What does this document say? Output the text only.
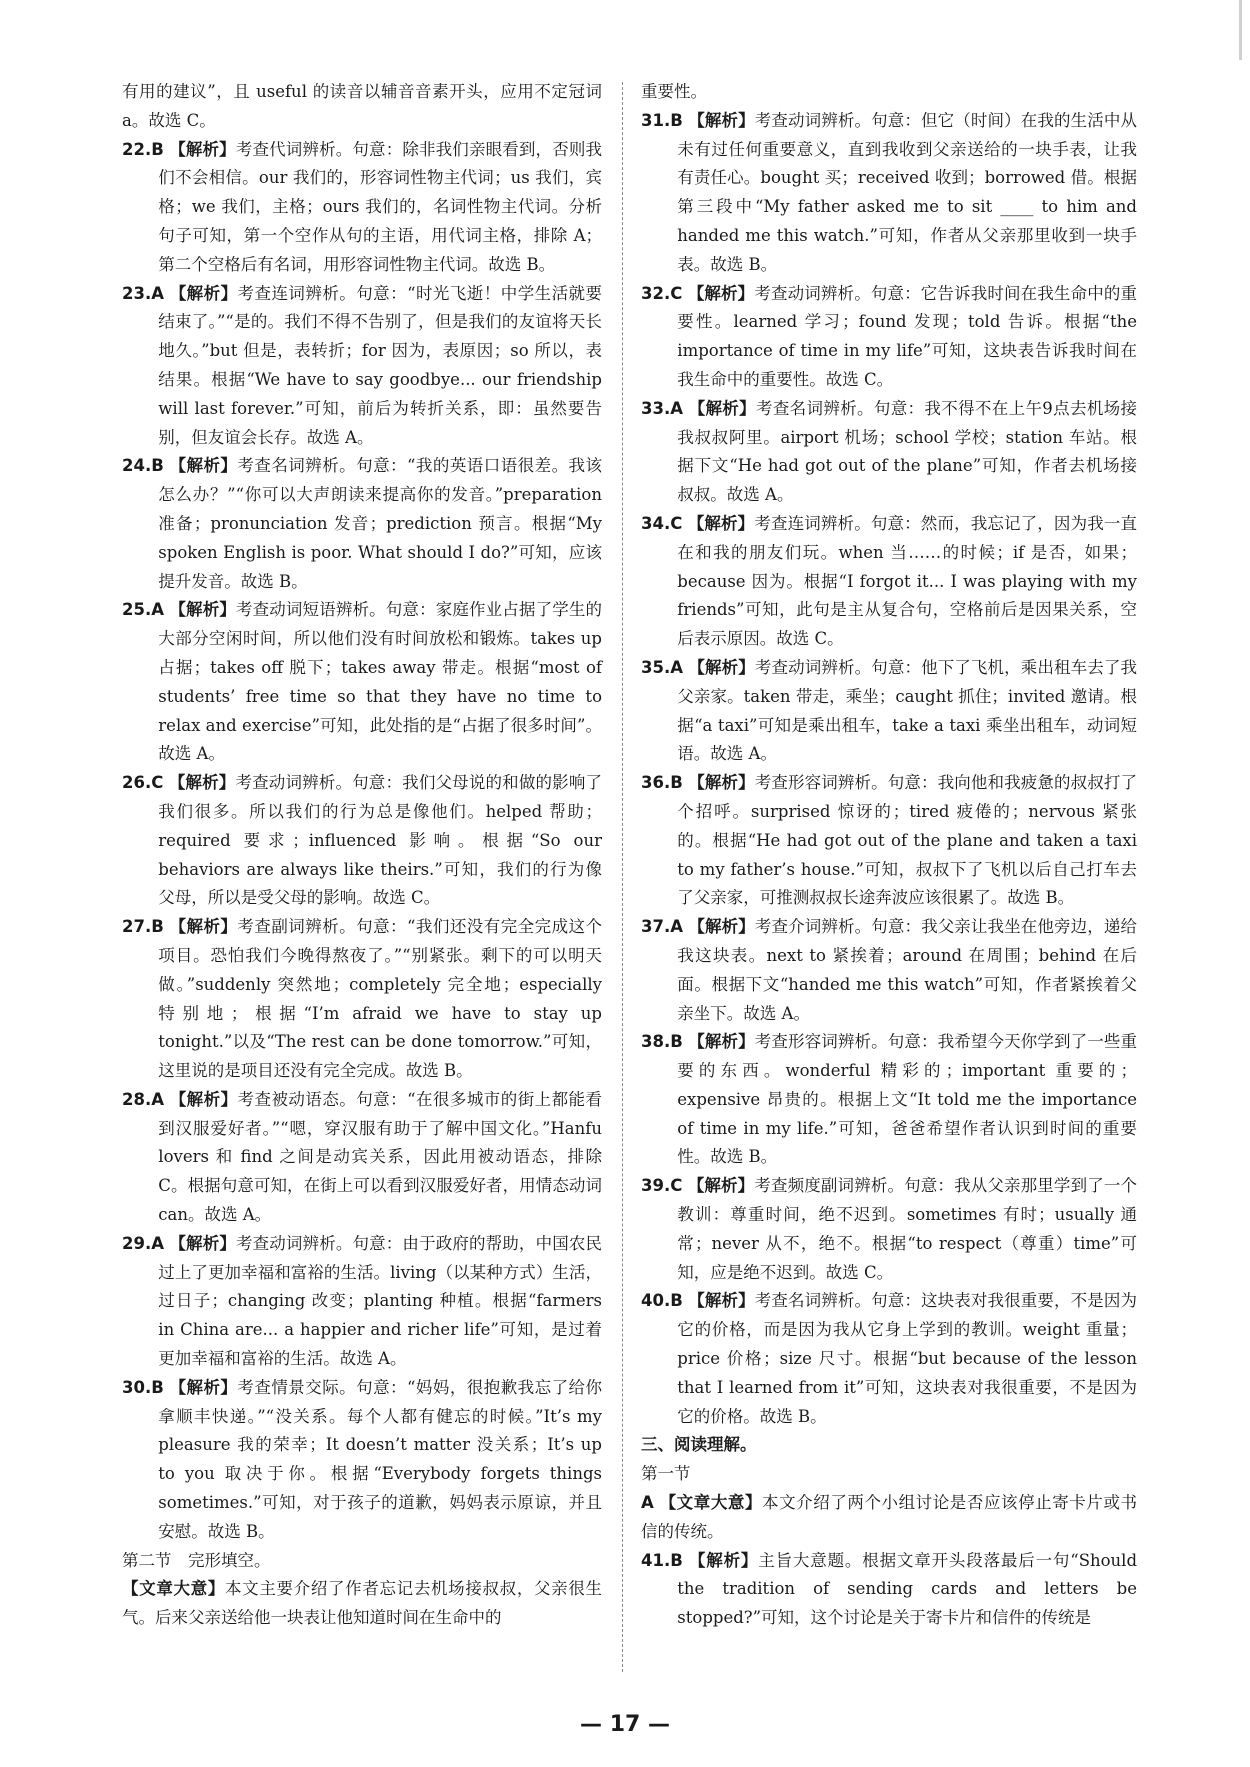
有用的建议”，且 useful 的读音以辅音音素开头，应用不定冠词 a。故选 C。

22.B 【解析】考查代词辨析。句意：除非我们亲眼看到，否则我们不会相信。our 我们的，形容词性物主代词；us 我们，宾格；we 我们，主格；ours 我们的，名词性物主代词。分析句子可知，第一个空作从句的主语，用代词主格，排除 A；第二个空格后有名词，用形容词性物主代词。故选 B。

23.A 【解析】考查连词辨析。句意：“时光飞逝！中学生活就要结束了。”“是的。我们不得不告别了，但是我们的友谊将天长地久。”but 但是，表转折；for 因为，表原因；so 所以，表结果。根据“We have to say goodbye... our friendship will last forever.”可知，前后为转折关系，即：虽然要告别，但友谊会长存。故选 A。

24.B 【解析】考查名词辨析。句意：“我的英语口语很差。我该怎么办？”“你可以大声朗读来提高你的发音。”preparation 准备；pronunciation 发音；prediction 预言。根据“My spoken English is poor. What should I do?”可知，应该提升发音。故选 B。

25.A 【解析】考查动词短语辨析。句意：家庭作业占据了学生的大部分空闲时间，所以他们没有时间放松和锻炼。takes up 占据；takes off 脱下；takes away 带走。根据“most of students’ free time so that they have no time to relax and exercise”可知，此处指的是“占据了很多时间”。故选 A。

26.C 【解析】考查动词辨析。句意：我们父母说的和做的影响了我们很多。所以我们的行为总是像他们。helped 帮助；required 要求；influenced 影响。根据“So our behaviors are always like theirs.”可知，我们的行为像父母，所以是受父母的影响。故选 C。

27.B 【解析】考查副词辨析。句意：“我们还没有完全完成这个项目。恐怕我们今晚得熬夜了。”“别紧张。剩下的可以明天做。”suddenly 突然地；completely 完全地；especially 特别地；根据“I’m afraid we have to stay up tonight.”以及“The rest can be done tomorrow.”可知，这里说的是项目还没有完全完成。故选 B。

28.A 【解析】考查被动语态。句意：“在很多城市的街上都能看到汉服爱好者。”“嗯，穿汉服有助于了解中国文化。”Hanfu lovers 和 find 之间是动宾关系，因此用被动语态，排除 C。根据句意可知，在街上可以看到汉服爱好者，用情态动词 can。故选 A。

29.A 【解析】考查动词辨析。句意：由于政府的帮助，中国农民过上了更加幸福和富裕的生活。living（以某种方式）生活，过日子；changing 改变；planting 种植。根据“farmers in China are... a happier and richer life”可知，是过着更加幸福和富裕的生活。故选 A。

30.B 【解析】考查情景交际。句意：“妈妈，很抱歉我忘了给你拿顺丰快递。”“没关系。每个人都有健忘的时候。”It’s my pleasure 我的荣幸；It doesn’t matter 没关系；It’s up to you 取决于你。根据“Everybody forgets things sometimes.”可知，对于孩子的道歉，妈妈表示原谅，并且安慰。故选 B。

第二节　完形填空。

【文章大意】本文主要介绍了作者忘记去机场接叔叔，父亲很生气。后来父亲送给他一块表让他知道时间在生命中的

重要性。

31.B 【解析】考查动词辨析。句意：但它（时间）在我的生活中从未有过任何重要意义，直到我收到父亲送给的一块手表，让我有责任心。bought 买；received 收到；borrowed 借。根据第三段中“My father asked me to sit ____ to him and handed me this watch.”可知，作者从父亲那里收到一块手表。故选 B。

32.C 【解析】考查动词辨析。句意：它告诉我时间在我生命中的重要性。learned 学习；found 发现；told 告诉。根据“the importance of time in my life”可知，这块表告诉我时间在我生命中的重要性。故选 C。

33.A 【解析】考查名词辨析。句意：我不得不在上午9点去机场接我叔叔阿里。airport 机场；school 学校；station 车站。根据下文“He had got out of the plane”可知，作者去机场接叔叔。故选 A。

34.C 【解析】考查连词辨析。句意：然而，我忘记了，因为我一直在和我的朋友们玩。when 当……的时候；if 是否，如果；because 因为。根据“I forgot it... I was playing with my friends”可知，此句是主从复合句，空格前后是因果关系，空后表示原因。故选 C。

35.A 【解析】考查动词辨析。句意：他下了飞机，乘出租车去了我父亲家。taken 带走，乘坐；caught 抓住；invited 邀请。根据“a taxi”可知是乘出租车，take a taxi 乘坐出租车，动词短语。故选 A。

36.B 【解析】考查形容词辨析。句意：我向他和我疲惫的叔叔打了个招呼。surprised 惊讶的；tired 疲倦的；nervous 紧张的。根据“He had got out of the plane and taken a taxi to my father’s house.”可知，叔叔下了飞机以后自己打车去了父亲家，可推测叔叔长途奔波应该很累了。故选 B。

37.A 【解析】考查介词辨析。句意：我父亲让我坐在他旁边，递给我这块表。next to 紧挨着；around 在周围；behind 在后面。根据下文“handed me this watch”可知，作者紧挨着父亲坐下。故选 A。

38.B 【解析】考查形容词辨析。句意：我希望今天你学到了一些重要的东西。wonderful 精彩的；important 重要的；expensive 昂贵的。根据上文“It told me the importance of time in my life.”可知，爸爸希望作者认识到时间的重要性。故选 B。

39.C 【解析】考查频度副词辨析。句意：我从父亲那里学到了一个教训：尊重时间，绝不迟到。sometimes 有时；usually 通常；never 从不，绝不。根据“to respect（尊重）time”可知，应是绝不迟到。故选 C。

40.B 【解析】考查名词辨析。句意：这块表对我很重要，不是因为它的价格，而是因为我从它身上学到的教训。weight 重量；price 价格；size 尺寸。根据“but because of the lesson that I learned from it”可知，这块表对我很重要，不是因为它的价格。故选 B。

三、阅读理解。

第一节

A 【文章大意】本文介绍了两个小组讨论是否应该停止寄卡片或书信的传统。

41.B 【解析】主旨大意题。根据文章开头段落最后一句“Should the tradition of sending cards and letters be stopped?”可知，这个讨论是关于寄卡片和信件的传统是

— 17 —
